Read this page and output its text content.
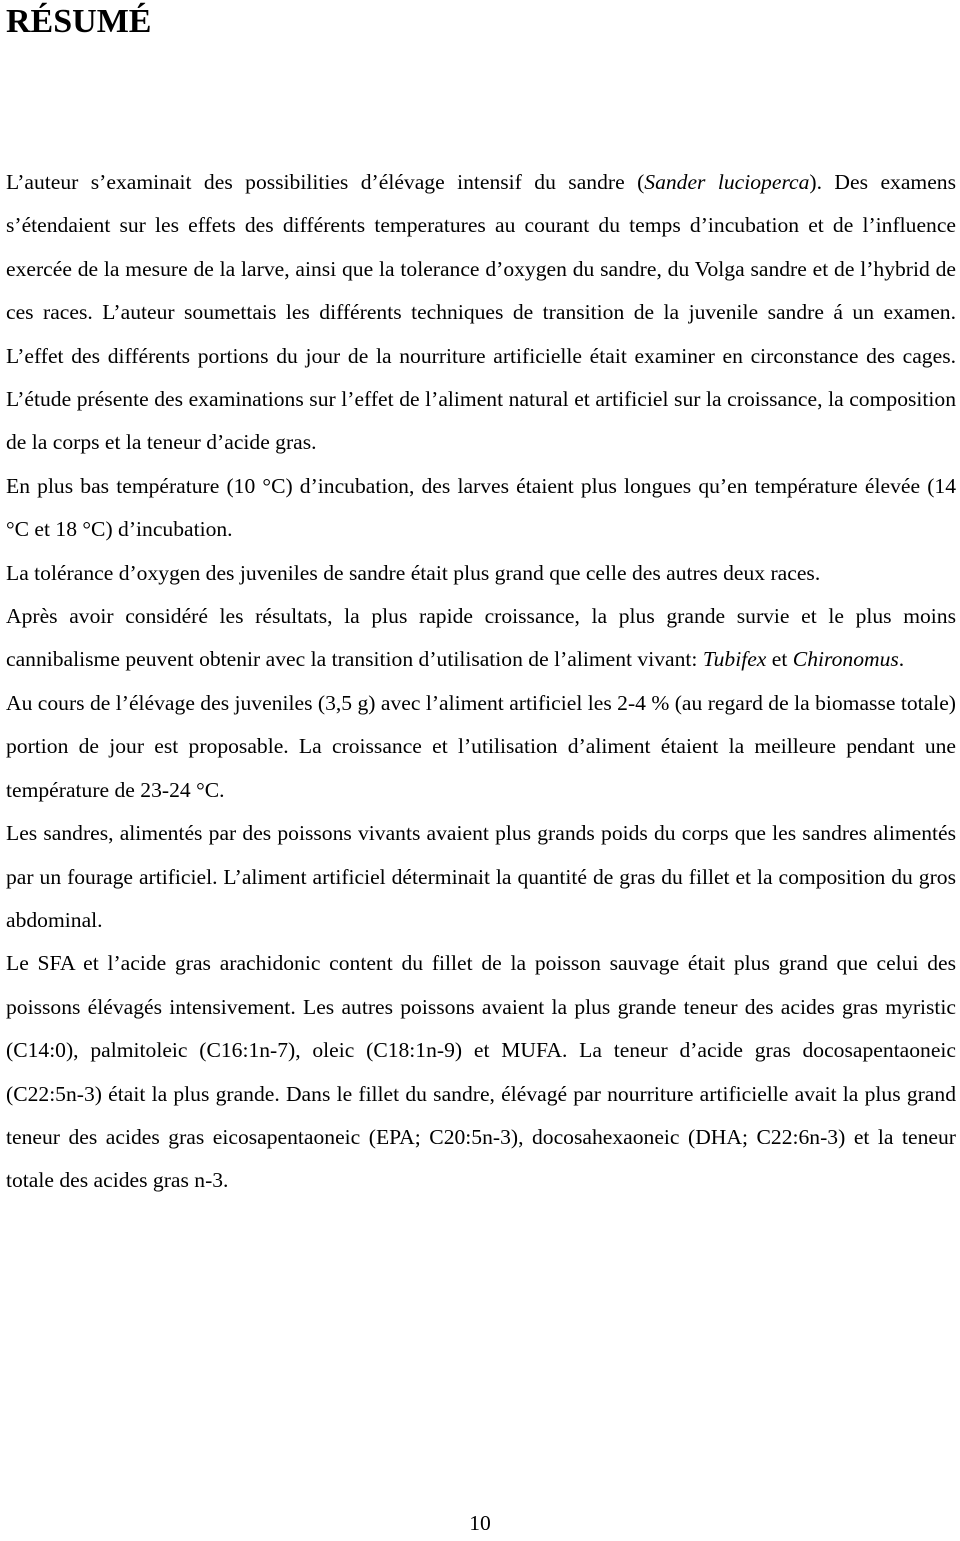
RÉSUMÉ

L’auteur s’examinait des possibilities d’élévage intensif du sandre (Sander lucioperca). Des examens s’étendaient sur les effets des différents temperatures au courant du temps d’incubation et de l’influence exercée de la mesure de la larve, ainsi que la tolerance d’oxygen du sandre, du Volga sandre et de l’hybrid de ces races. L’auteur soumettais les différents techniques de transition de la juvenile sandre á un examen. L’effet des différents portions du jour de la nourriture artificielle était examiner en circonstance des cages. L’étude présente des examinations sur l’effet de l’aliment natural et artificiel sur la croissance, la composition de la corps et la teneur d’acide gras.

En plus bas température (10 °C) d’incubation, des larves étaient plus longues qu’en température élevée (14 °C et 18 °C) d’incubation.

La tolérance d’oxygen des juveniles de sandre était plus grand que celle des autres deux races.

Après avoir considéré les résultats, la plus rapide croissance, la plus grande survie et le plus moins cannibalisme peuvent obtenir avec la transition d’utilisation de l’aliment vivant: Tubifex et Chironomus.

Au cours de l’élévage des juveniles (3,5 g) avec l’aliment artificiel les 2-4 % (au regard de la biomasse totale) portion de jour est proposable. La croissance et l’utilisation d’aliment étaient la meilleure pendant une température de 23-24 °C.

Les sandres, alimentés par des poissons vivants avaient plus grands poids du corps que les sandres alimentés par un fourage artificiel. L’aliment artificiel déterminait la quantité de gras du fillet et la composition du gros abdominal.

Le SFA et l’acide gras arachidonic content du fillet de la poisson sauvage était plus grand que celui des poissons élévagés intensivement. Les autres poissons avaient la plus grande teneur des acides gras myristic (C14:0), palmitoleic (C16:1n-7), oleic (C18:1n-9) et MUFA. La teneur d’acide gras docosapentaoneic (C22:5n-3) était la plus grande. Dans le fillet du sandre, élévagé par nourriture artificielle avait la plus grand teneur des acides gras eicosapentaoneic (EPA; C20:5n-3), docosahexaoneic (DHA; C22:6n-3) et la teneur totale des acides gras n-3.

10
